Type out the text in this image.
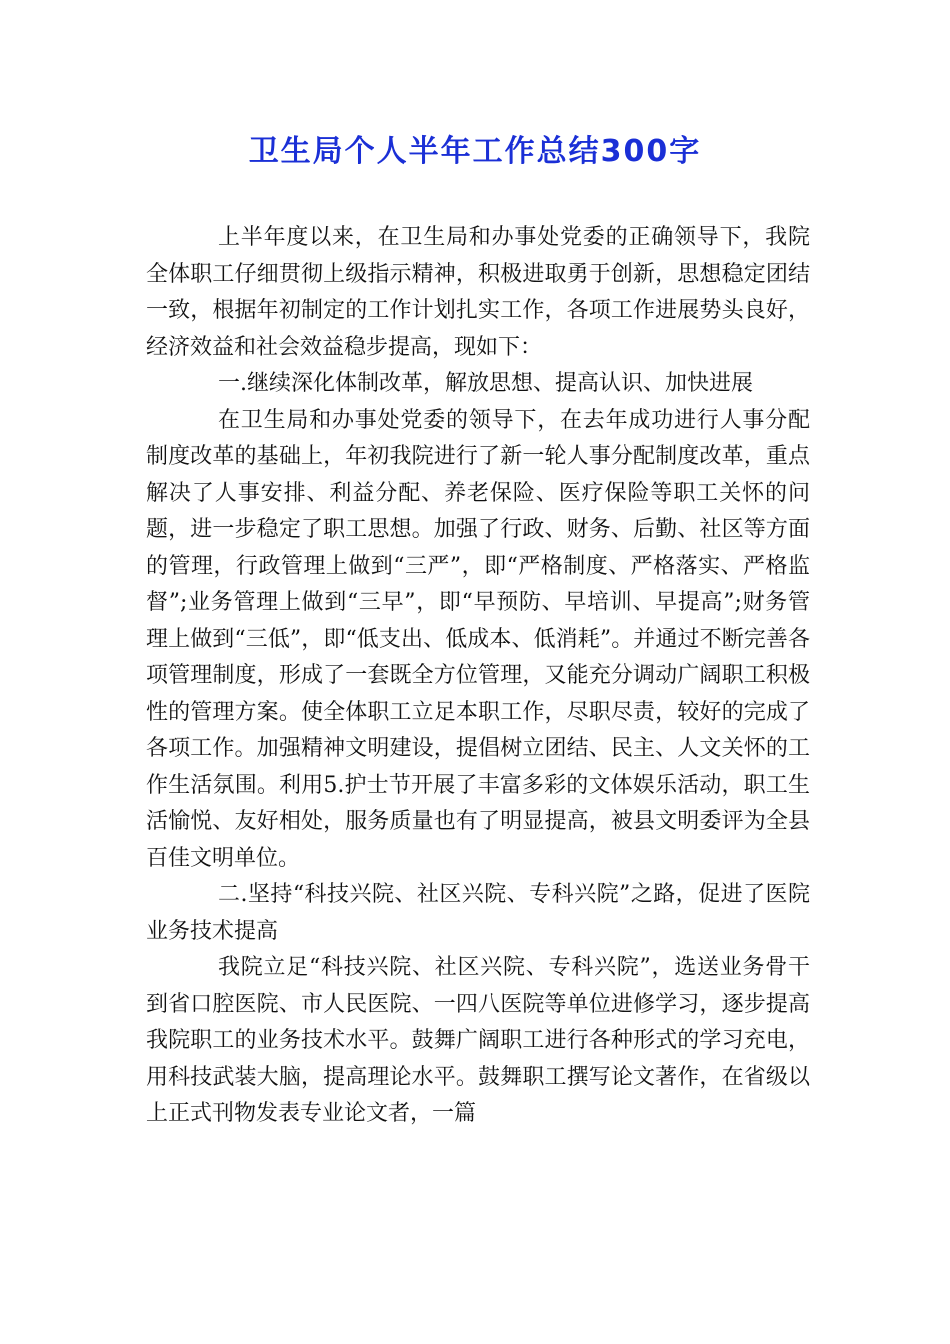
卫生局个人半年工作总结300字

上半年度以来，在卫生局和办事处党委的正确领导下，我院全体职工仔细贯彻上级指示精神，积极进取勇于创新，思想稳定团结一致，根据年初制定的工作计划扎实工作，各项工作进展势头良好，经济效益和社会效益稳步提高，现如下：

一.继续深化体制改革，解放思想、提高认识、加快进展

在卫生局和办事处党委的领导下，在去年成功进行人事分配制度改革的基础上，年初我院进行了新一轮人事分配制度改革，重点解决了人事安排、利益分配、养老保险、医疗保险等职工关怀的问题，进一步稳定了职工思想。加强了行政、财务、后勤、社区等方面的管理，行政管理上做到“三严”，即“严格制度、严格落实、严格监督”;业务管理上做到“三早”，即“早预防、早培训、早提高”;财务管理上做到“三低”，即“低支出、低成本、低消耗”。并通过不断完善各项管理制度，形成了一套既全方位管理，又能充分调动广阔职工积极性的管理方案。使全体职工立足本职工作，尽职尽责，较好的完成了各项工作。加强精神文明建设，提倡树立团结、民主、人文关怀的工作生活氛围。利用5.护士节开展了丰富多彩的文体娱乐活动，职工生活愉悦、友好相处，服务质量也有了明显提高，被县文明委评为全县百佳文明单位。

二.坚持“科技兴院、社区兴院、专科兴院”之路，促进了医院业务技术提高

我院立足“科技兴院、社区兴院、专科兴院”，选送业务骨干到省口腔医院、市人民医院、一四八医院等单位进修学习，逐步提高我院职工的业务技术水平。鼓舞广阔职工进行各种形式的学习充电，用科技武装大脑，提高理论水平。鼓舞职工撰写论文著作，在省级以上正式刊物发表专业论文者，一篇
